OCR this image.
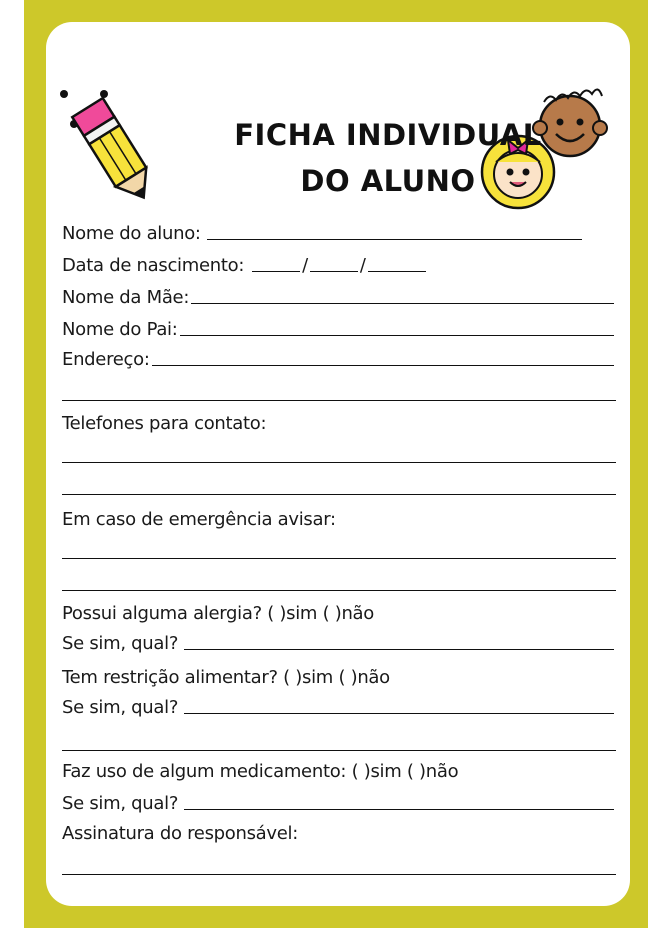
FICHA INDIVIDUAL
DO ALUNO
Nome do aluno:
Data de nascimento:	/	/
Nome da Mãe:
Nome do Pai:
Endereço:
Telefones para contato:
Em caso de emergência avisar:
Possui alguma alergia? ( )sim ( )não
Se sim, qual?
Tem restrição alimentar? ( )sim ( )não
Se sim, qual?
Faz uso de algum medicamento: ( )sim ( )não
Se sim, qual?
Assinatura do responsável:
